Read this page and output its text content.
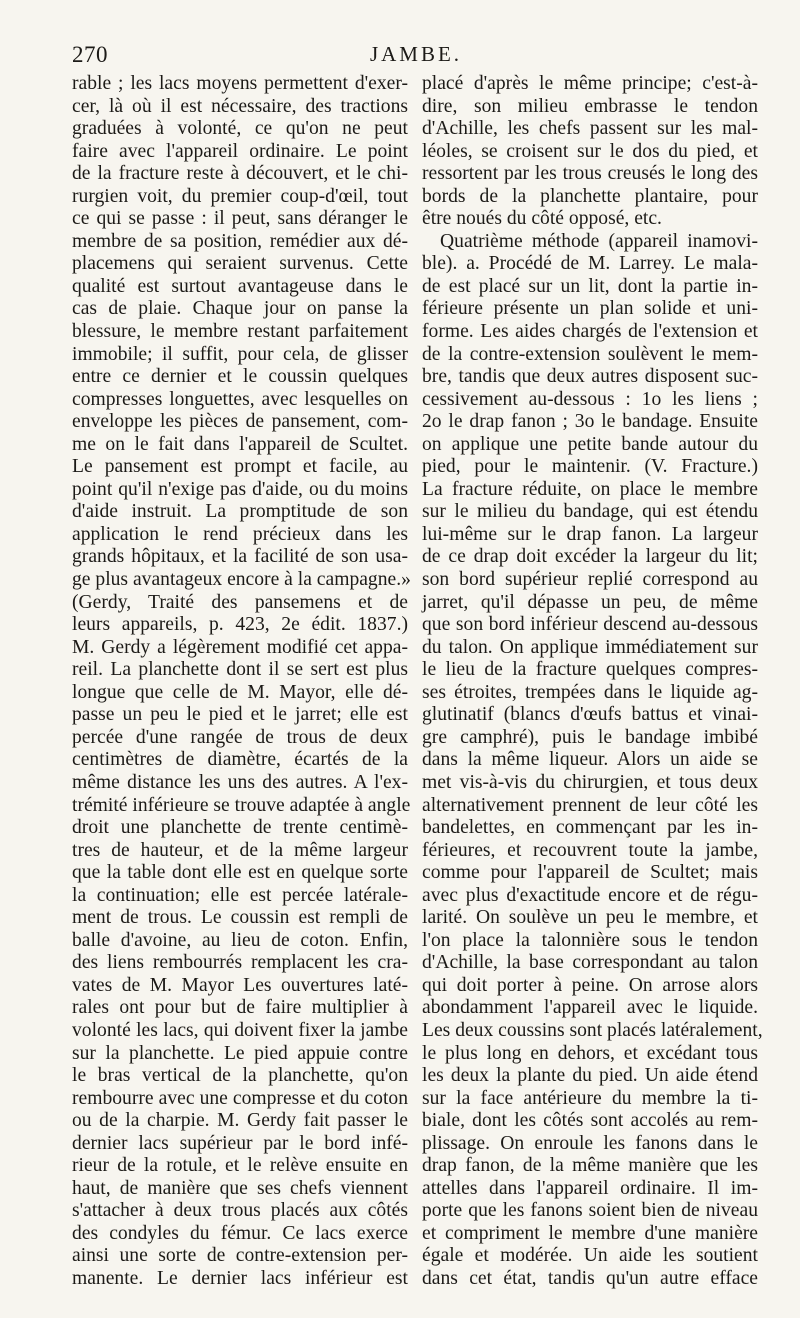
270	JAMBE.
rable ; les lacs moyens permettent d'exer-
cer, là où il est nécessaire, des tractions
graduées à volonté, ce qu'on ne peut
faire avec l'appareil ordinaire. Le point
de la fracture reste à découvert, et le chi-
rurgien voit, du premier coup-d'œil, tout
ce qui se passe : il peut, sans déranger le
membre de sa position, remédier aux dé-
placemens qui seraient survenus. Cette
qualité est surtout avantageuse dans le
cas de plaie. Chaque jour on panse la
blessure, le membre restant parfaitement
immobile; il suffit, pour cela, de glisser
entre ce dernier et le coussin quelques
compresses longuettes, avec lesquelles on
enveloppe les pièces de pansement, com-
me on le fait dans l'appareil de Scultet.
Le pansement est prompt et facile, au
point qu'il n'exige pas d'aide, ou du moins
d'aide instruit. La promptitude de son
application le rend précieux dans les
grands hôpitaux, et la facilité de son usa-
ge plus avantageux encore à la campagne.»
(Gerdy, Traité des pansemens et de
leurs appareils, p. 423, 2e édit. 1837.)
M. Gerdy a légèrement modifié cet appa-
reil. La planchette dont il se sert est plus
longue que celle de M. Mayor, elle dé-
passe un peu le pied et le jarret; elle est
percée d'une rangée de trous de deux
centimètres de diamètre, écartés de la
même distance les uns des autres. A l'ex-
trémité inférieure se trouve adaptée à angle
droit une planchette de trente centimè-
tres de hauteur, et de la même largeur
que la table dont elle est en quelque sorte
la continuation; elle est percée latérale-
ment de trous. Le coussin est rempli de
balle d'avoine, au lieu de coton. Enfin,
des liens rembourrés remplacent les cra-
vates de M. Mayor Les ouvertures laté-
rales ont pour but de faire multiplier à
volonté les lacs, qui doivent fixer la jambe
sur la planchette. Le pied appuie contre
le bras vertical de la planchette, qu'on
rembourre avec une compresse et du coton
ou de la charpie. M. Gerdy fait passer le
dernier lacs supérieur par le bord infé-
rieur de la rotule, et le relève ensuite en
haut, de manière que ses chefs viennent
s'attacher à deux trous placés aux côtés
des condyles du fémur. Ce lacs exerce
ainsi une sorte de contre-extension per-
manente. Le dernier lacs inférieur est
placé d'après le même principe; c'est-à-
dire, son milieu embrasse le tendon
d'Achille, les chefs passent sur les mal-
léoles, se croisent sur le dos du pied, et
ressortent par les trous creusés le long des
bords de la planchette plantaire, pour
être noués du côté opposé, etc.
Quatrième méthode (appareil inamovi-
ble). a. Procédé de M. Larrey. Le mala-
de est placé sur un lit, dont la partie in-
férieure présente un plan solide et uni-
forme. Les aides chargés de l'extension et
de la contre-extension soulèvent le mem-
bre, tandis que deux autres disposent suc-
cessivement au-dessous : 1o les liens ;
2o le drap fanon ; 3o le bandage. Ensuite
on applique une petite bande autour du
pied, pour le maintenir. (V. Fracture.)
La fracture réduite, on place le membre
sur le milieu du bandage, qui est étendu
lui-même sur le drap fanon. La largeur
de ce drap doit excéder la largeur du lit;
son bord supérieur replié correspond au
jarret, qu'il dépasse un peu, de même
que son bord inférieur descend au-dessous
du talon. On applique immédiatement sur
le lieu de la fracture quelques compres-
ses étroites, trempées dans le liquide ag-
glutinatif (blancs d'œufs battus et vinai-
gre camphré), puis le bandage imbibé
dans la même liqueur. Alors un aide se
met vis-à-vis du chirurgien, et tous deux
alternativement prennent de leur côté les
bandelettes, en commençant par les in-
férieures, et recouvrent toute la jambe,
comme pour l'appareil de Scultet; mais
avec plus d'exactitude encore et de régu-
larité. On soulève un peu le membre, et
l'on place la talonnière sous le tendon
d'Achille, la base correspondant au talon
qui doit porter à peine. On arrose alors
abondamment l'appareil avec le liquide.
Les deux coussins sont placés latéralement,
le plus long en dehors, et excédant tous
les deux la plante du pied. Un aide étend
sur la face antérieure du membre la ti-
biale, dont les côtés sont accolés au rem-
plissage. On enroule les fanons dans le
drap fanon, de la même manière que les
attelles dans l'appareil ordinaire. Il im-
porte que les fanons soient bien de niveau
et compriment le membre d'une manière
égale et modérée. Un aide les soutient
dans cet état, tandis qu'un autre efface
